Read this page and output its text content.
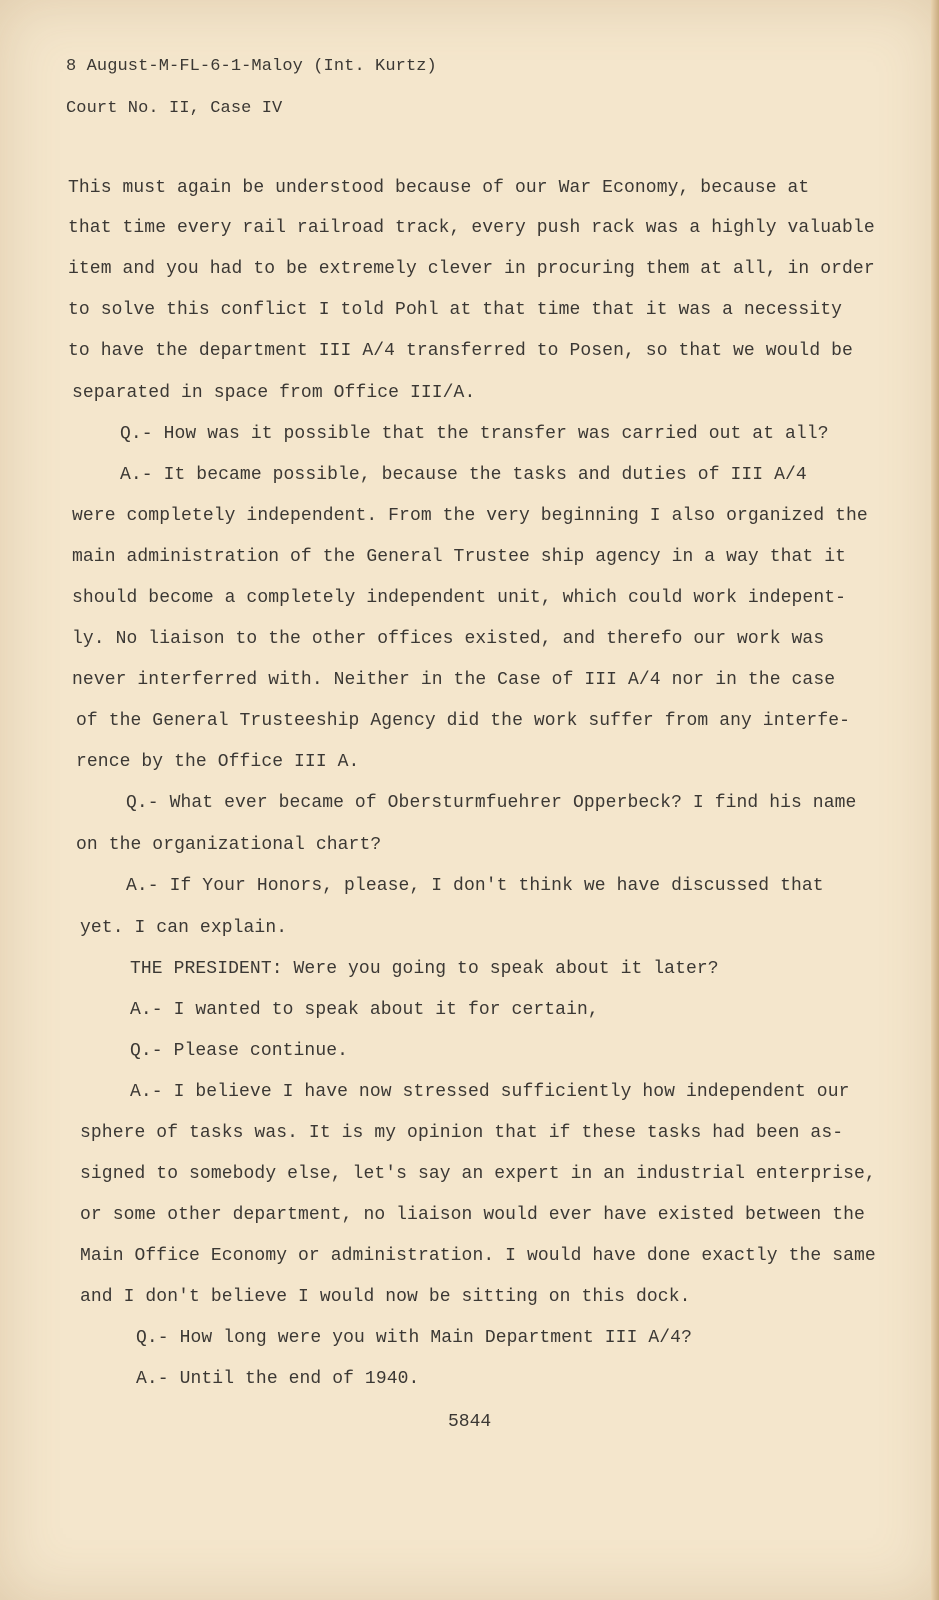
8 August-M-FL-6-1-Maloy (Int. Kurtz)
Court No. II, Case IV
This must again be understood because of our War Economy, because at
that time every rail railroad track, every push rack was a highly valuable
item and you had to be extremely clever in procuring them at all, in order
to solve this conflict I told Pohl at that time that it was a necessity
to have the department III A/4 transferred to Posen, so that we would be
separated in space from Office III/A.
Q.- How was it possible that the transfer was carried out at all?
A.- It became possible, because the tasks and duties of III A/4
were completely independent. From the very beginning I also organized the
main administration of the General Trustee ship agency in a way that it
should become a completely independent unit, which could work indepent-
ly. No liaison to the other offices existed, and therefo our work was
never interferred with. Neither in the Case of III A/4 nor in the case
of the General Trusteeship Agency did the work suffer from any interfe-
rence by the Office III A.
Q.- What ever became of Obersturmfuehrer Opperbeck? I find his name
on the organizational chart?
A.- If Your Honors, please, I don't think we have discussed that
yet. I can explain.
THE PRESIDENT: Were you going to speak about it later?
A.- I wanted to speak about it for certain,
Q.- Please continue.
A.- I believe I have now stressed sufficiently how independent our
sphere of tasks was. It is my opinion that if these tasks had been as-
signed to somebody else, let's say an expert in an industrial enterprise,
or some other department, no liaison would ever have existed between the
Main Office Economy or administration. I would have done exactly the same
and I don't believe I would now be sitting on this dock.
Q.- How long were you with Main Department III A/4?
A.- Until the end of 1940.
5844
